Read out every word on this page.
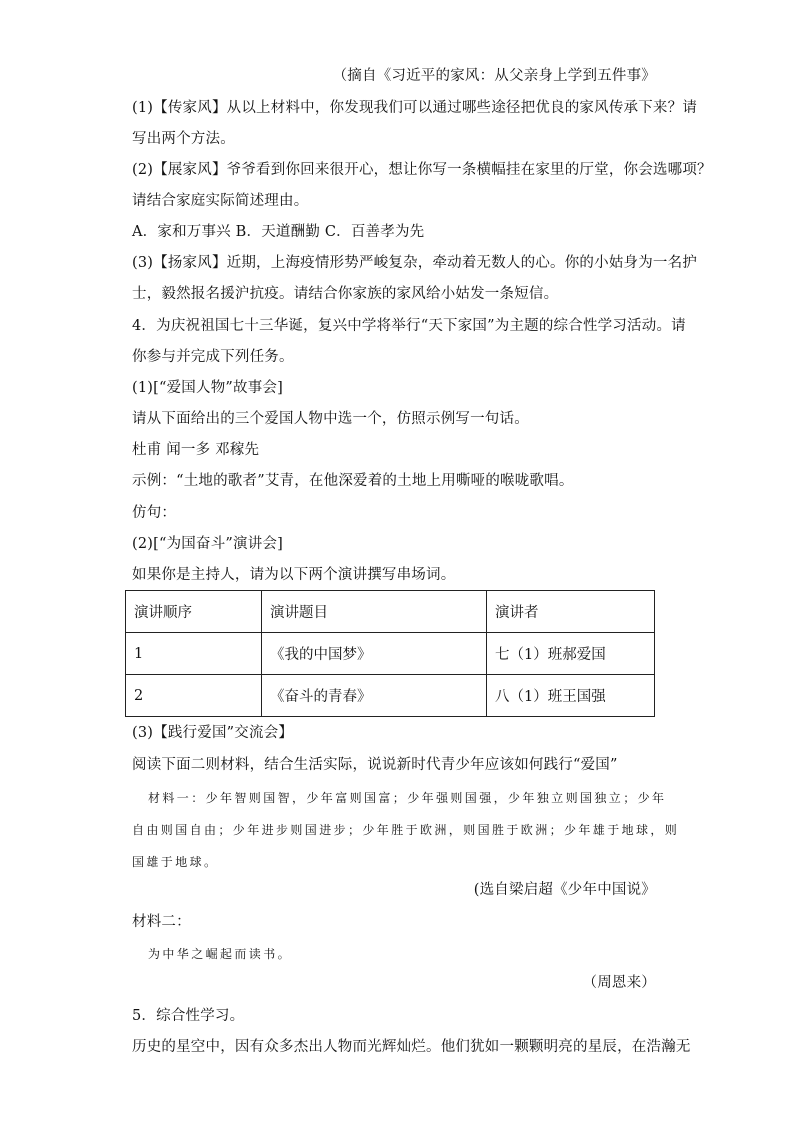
（摘自《习近平的家风：从父亲身上学到五件事》
(1)【传家风】从以上材料中，你发现我们可以通过哪些途径把优良的家风传承下来？请
写出两个方法。
(2)【展家风】爷爷看到你回来很开心，想让你写一条横幅挂在家里的厅堂，你会选哪项？
请结合家庭实际简述理由。
A．家和万事兴 B．天道酬勤 C．百善孝为先
(3)【扬家风】近期，上海疫情形势严峻复杂，牵动着无数人的心。你的小姑身为一名护
士，毅然报名援沪抗疫。请结合你家族的家风给小姑发一条短信。
4．为庆祝祖国七十三华诞，复兴中学将举行“天下家国”为主题的综合性学习活动。请
你参与并完成下列任务。
(1)[“爱国人物”故事会]
请从下面给出的三个爱国人物中选一个，仿照示例写一句话。
杜甫 闻一多 邓稼先
示例：“土地的歌者”艾青，在他深爱着的土地上用嘶哑的喉咙歌唱。
仿句：
(2)[“为国奋斗”演讲会]
如果你是主持人，请为以下两个演讲撰写串场词。
演讲顺序	演讲题目	演讲者
1	《我的中国梦》	七（1）班郝爱国
2	《奋斗的青春》	八（1）班王国强
(3)【践行爱国”交流会】
阅读下面二则材料，结合生活实际，说说新时代青少年应该如何践行“爱国”
材料一：少年智则国智，少年富则国富；少年强则国强，少年独立则国独立；少年
自由则国自由；少年进步则国进步；少年胜于欧洲，则国胜于欧洲；少年雄于地球，则
国雄于地球。
(选自梁启超《少年中国说》
材料二：
为中华之崛起而读书。
（周恩来）
5．综合性学习。
历史的星空中，因有众多杰出人物而光辉灿烂。他们犹如一颗颗明亮的星辰，在浩瀚无
